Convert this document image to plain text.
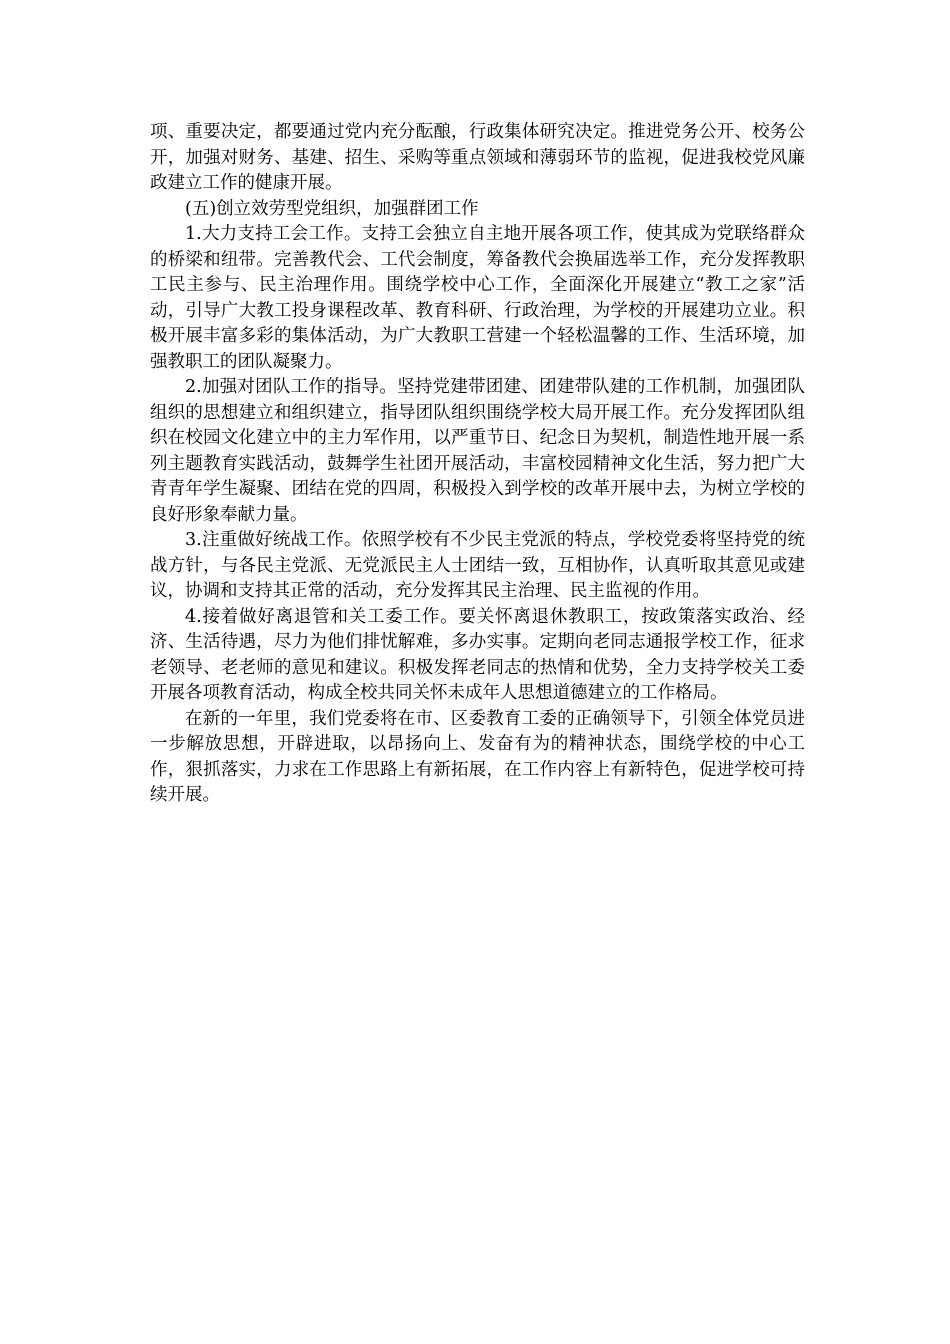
项、重要决定，都要通过党内充分酝酿，行政集体研究决定。推进党务公开、校务公开，加强对财务、基建、招生、采购等重点领域和薄弱环节的监视，促进我校党风廉政建立工作的健康开展。

(五)创立效劳型党组织，加强群团工作

1.大力支持工会工作。支持工会独立自主地开展各项工作，使其成为党联络群众的桥梁和纽带。完善教代会、工代会制度，筹备教代会换届选举工作，充分发挥教职工民主参与、民主治理作用。围绕学校中心工作，全面深化开展建立“教工之家”活动，引导广大教工投身课程改革、教育科研、行政治理，为学校的开展建功立业。积极开展丰富多彩的集体活动，为广大教职工营建一个轻松温馨的工作、生活环境，加强教职工的团队凝聚力。

2.加强对团队工作的指导。坚持党建带团建、团建带队建的工作机制，加强团队组织的思想建立和组织建立，指导团队组织围绕学校大局开展工作。充分发挥团队组织在校园文化建立中的主力军作用，以严重节日、纪念日为契机，制造性地开展一系列主题教育实践活动，鼓舞学生社团开展活动，丰富校园精神文化生活，努力把广大青青年学生凝聚、团结在党的四周，积极投入到学校的改革开展中去，为树立学校的良好形象奉献力量。

3.注重做好统战工作。依照学校有不少民主党派的特点，学校党委将坚持党的统战方针，与各民主党派、无党派民主人士团结一致，互相协作，认真听取其意见或建议，协调和支持其正常的活动，充分发挥其民主治理、民主监视的作用。

4.接着做好离退管和关工委工作。要关怀离退休教职工，按政策落实政治、经济、生活待遇，尽力为他们排忧解难，多办实事。定期向老同志通报学校工作，征求老领导、老老师的意见和建议。积极发挥老同志的热情和优势，全力支持学校关工委开展各项教育活动，构成全校共同关怀未成年人思想道德建立的工作格局。

在新的一年里，我们党委将在市、区委教育工委的正确领导下，引领全体党员进一步解放思想，开辟进取，以昂扬向上、发奋有为的精神状态，围绕学校的中心工作，狠抓落实，力求在工作思路上有新拓展，在工作内容上有新特色，促进学校可持续开展。
